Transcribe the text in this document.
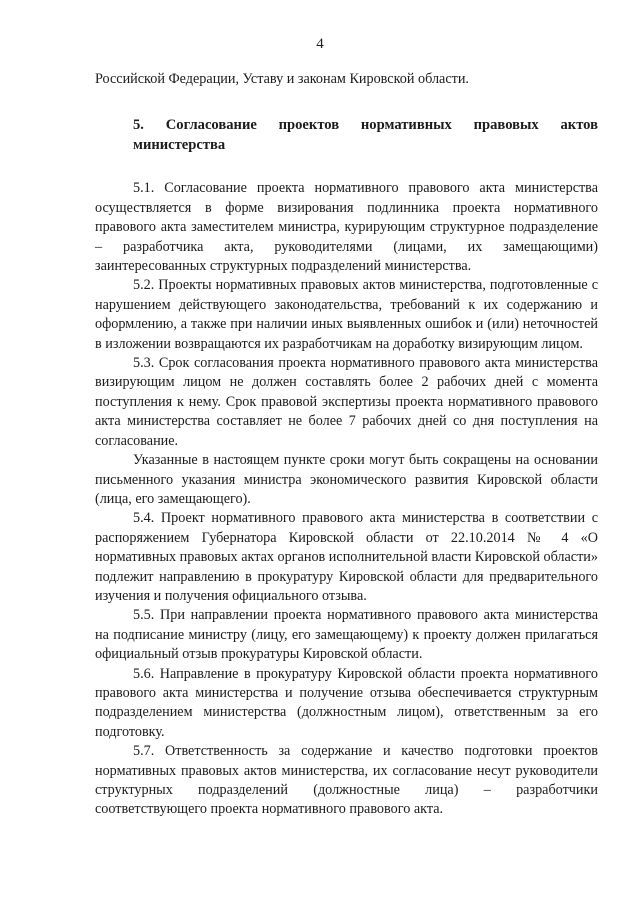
4

Российской Федерации, Уставу и законам Кировской области.

5. Согласование проектов нормативных правовых актов
министерства

5.1. Согласование проекта нормативного правового акта министерства осуществляется в форме визирования подлинника проекта нормативного правового акта заместителем министра, курирующим структурное подразделение – разработчика акта, руководителями (лицами, их замещающими) заинтересованных структурных подразделений министерства.

5.2. Проекты нормативных правовых актов министерства, подготовленные с нарушением действующего законодательства, требований к их содержанию и оформлению, а также при наличии иных выявленных ошибок и (или) неточностей в изложении возвращаются их разработчикам на доработку визирующим лицом.

5.3. Срок согласования проекта нормативного правового акта министерства визирующим лицом не должен составлять более 2 рабочих дней с момента поступления к нему. Срок правовой экспертизы проекта нормативного правового акта министерства составляет не более 7 рабочих дней со дня поступления на согласование.

Указанные в настоящем пункте сроки могут быть сокращены на основании письменного указания министра экономического развития Кировской области (лица, его замещающего).

5.4. Проект нормативного правового акта министерства в соответствии с распоряжением Губернатора Кировской области от 22.10.2014 № 4 «О нормативных правовых актах органов исполнительной власти Кировской области» подлежит направлению в прокуратуру Кировской области для предварительного изучения и получения официального отзыва.

5.5. При направлении проекта нормативного правового акта министерства на подписание министру (лицу, его замещающему) к проекту должен прилагаться официальный отзыв прокуратуры Кировской области.

5.6. Направление в прокуратуру Кировской области проекта нормативного правового акта министерства и получение отзыва обеспечивается структурным подразделением министерства (должностным лицом), ответственным за его подготовку.

5.7. Ответственность за содержание и качество подготовки проектов нормативных правовых актов министерства, их согласование несут руководители структурных подразделений (должностные лица) – разработчики соответствующего проекта нормативного правового акта.
